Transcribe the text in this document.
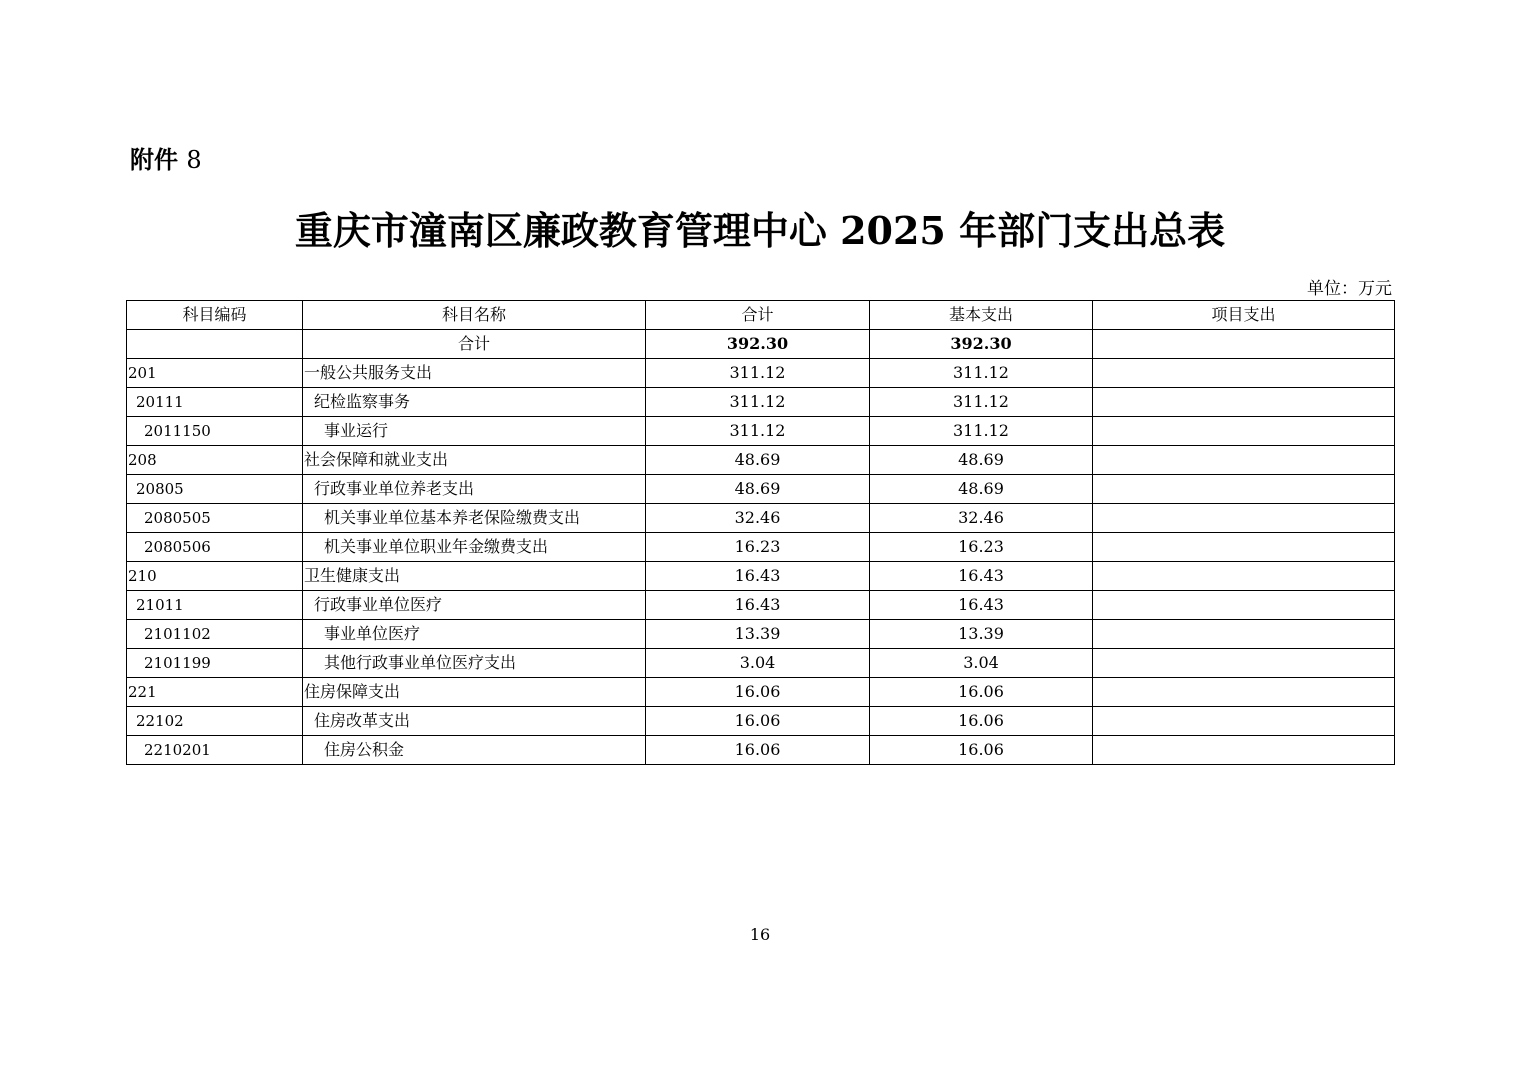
附件 8
重庆市潼南区廉政教育管理中心 2025 年部门支出总表
单位：万元
科目编码	科目名称	合计	基本支出	项目支出
	合计	392.30	392.30	
201	一般公共服务支出	311.12	311.12	
20111	纪检监察事务	311.12	311.12	
2011150	事业运行	311.12	311.12	
208	社会保障和就业支出	48.69	48.69	
20805	行政事业单位养老支出	48.69	48.69	
2080505	机关事业单位基本养老保险缴费支出	32.46	32.46	
2080506	机关事业单位职业年金缴费支出	16.23	16.23	
210	卫生健康支出	16.43	16.43	
21011	行政事业单位医疗	16.43	16.43	
2101102	事业单位医疗	13.39	13.39	
2101199	其他行政事业单位医疗支出	3.04	3.04	
221	住房保障支出	16.06	16.06	
22102	住房改革支出	16.06	16.06	
2210201	住房公积金	16.06	16.06	
16
